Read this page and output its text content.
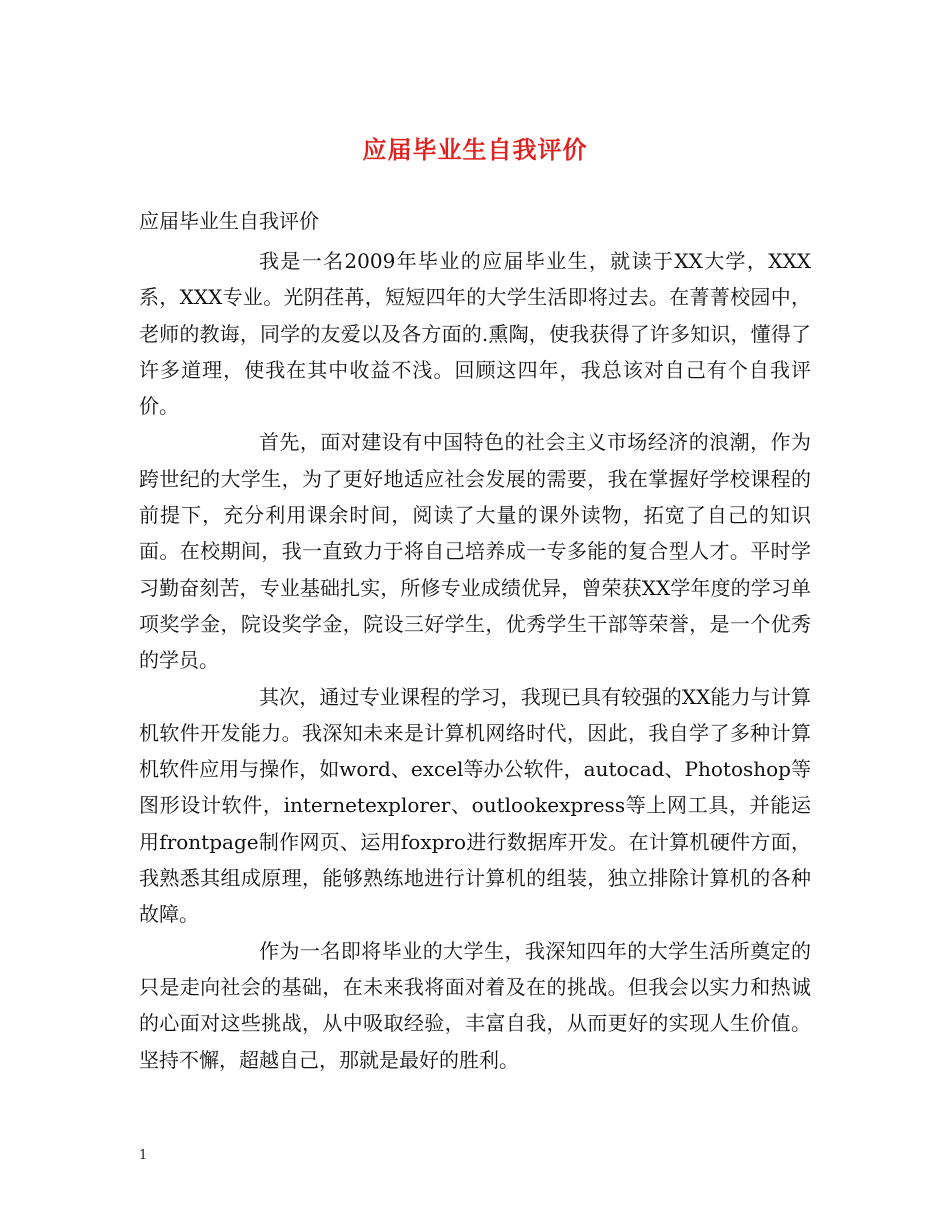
应届毕业生自我评价
应届毕业生自我评价

我是一名2009年毕业的应届毕业生，就读于XX大学，XXX系，XXX专业。光阴荏苒，短短四年的大学生活即将过去。在菁菁校园中，老师的教诲，同学的友爱以及各方面的.熏陶，使我获得了许多知识，懂得了许多道理，使我在其中收益不浅。回顾这四年，我总该对自己有个自我评价。

首先，面对建设有中国特色的社会主义市场经济的浪潮，作为跨世纪的大学生，为了更好地适应社会发展的需要，我在掌握好学校课程的前提下，充分利用课余时间，阅读了大量的课外读物，拓宽了自己的知识面。在校期间，我一直致力于将自己培养成一专多能的复合型人才。平时学习勤奋刻苦，专业基础扎实，所修专业成绩优异，曾荣获XX学年度的学习单项奖学金，院设奖学金，院设三好学生，优秀学生干部等荣誉，是一个优秀的学员。

其次，通过专业课程的学习，我现已具有较强的XX能力与计算机软件开发能力。我深知未来是计算机网络时代，因此，我自学了多种计算机软件应用与操作，如word、excel等办公软件，autocad、Photoshop等图形设计软件，internetexplorer、outlookexpress等上网工具，并能运用frontpage制作网页、运用foxpro进行数据库开发。在计算机硬件方面，我熟悉其组成原理，能够熟练地进行计算机的组装，独立排除计算机的各种故障。

作为一名即将毕业的大学生，我深知四年的大学生活所奠定的只是走向社会的基础，在未来我将面对着及在的挑战。但我会以实力和热诚的心面对这些挑战，从中吸取经验，丰富自我，从而更好的实现人生价值。坚持不懈，超越自己，那就是最好的胜利。

1
